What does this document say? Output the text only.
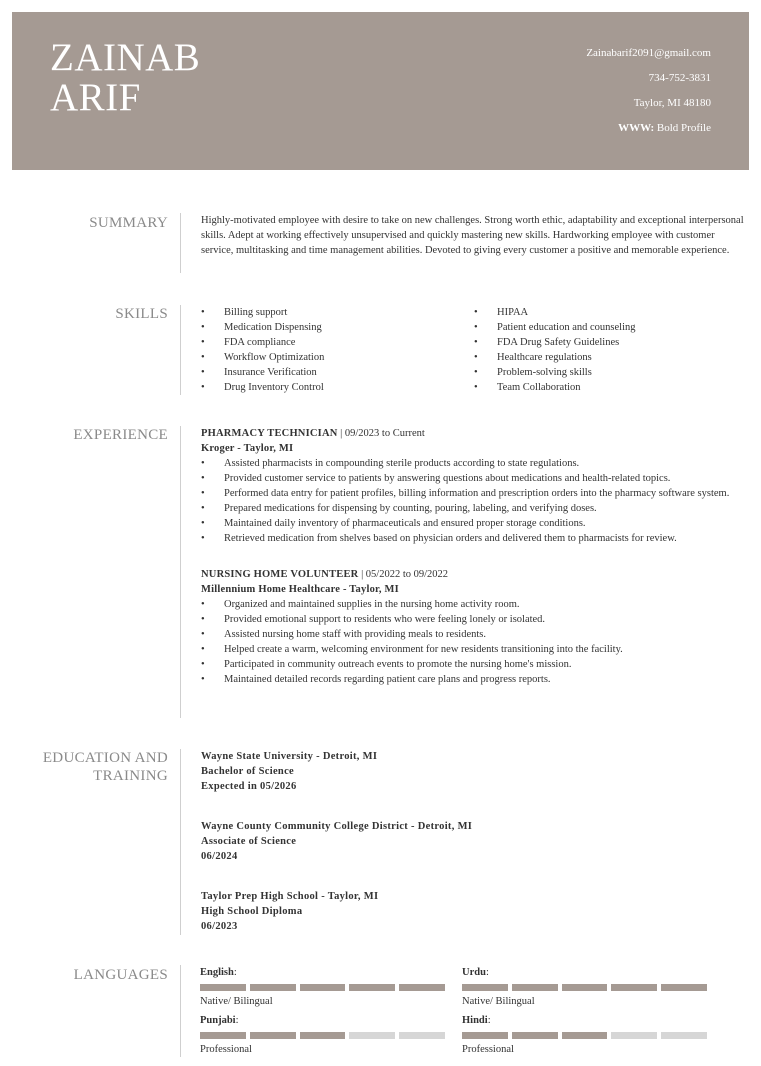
ZAINAB
ARIF
Zainabarif2091@gmail.com
734-752-3831
Taylor, MI 48180
WWW: Bold Profile
SUMMARY	Highly-motivated employee with desire to take on new challenges. Strong worth ethic, adaptability and exceptional interpersonal skills. Adept at working effectively unsupervised and quickly mastering new skills. Hardworking employee with customer service, multitasking and time management abilities. Devoted to giving every customer a positive and memorable experience.
SKILLS
•	Billing support
• Medication Dispensing
• FDA compliance
• Workflow Optimization
• Insurance Verification
• Drug Inventory Control
• HIPAA
• Patient education and counseling
• FDA Drug Safety Guidelines
• Healthcare regulations
• Problem-solving skills
• Team Collaboration
EXPERIENCE	PHARMACY TECHNICIAN | 09/2023 to Current
Kroger - Taylor, MI
• Assisted pharmacists in compounding sterile products according to state regulations.
• Provided customer service to patients by answering questions about medications and health-related topics.
• Performed data entry for patient profiles, billing information and prescription orders into the pharmacy software system.
• Prepared medications for dispensing by counting, pouring, labeling, and verifying doses.
• Maintained daily inventory of pharmaceuticals and ensured proper storage conditions.
• Retrieved medication from shelves based on physician orders and delivered them to pharmacists for review.
NURSING HOME VOLUNTEER | 05/2022 to 09/2022
Millennium Home Healthcare - Taylor, MI
• Organized and maintained supplies in the nursing home activity room.
• Provided emotional support to residents who were feeling lonely or isolated.
• Assisted nursing home staff with providing meals to residents.
• Helped create a warm, welcoming environment for new residents transitioning into the facility.
• Participated in community outreach events to promote the nursing home's mission.
• Maintained detailed records regarding patient care plans and progress reports.
EDUCATION AND
TRAINING
Wayne State University - Detroit, MI
Bachelor of Science
Expected in 05/2026
Wayne County Community College District - Detroit, MI
Associate of Science
06/2024
Taylor Prep High School - Taylor, MI
High School Diploma
06/2023
LANGUAGES	English:
Native/ Bilingual
Urdu:
Native/ Bilingual
Punjabi:
Professional
Hindi:
Professional
